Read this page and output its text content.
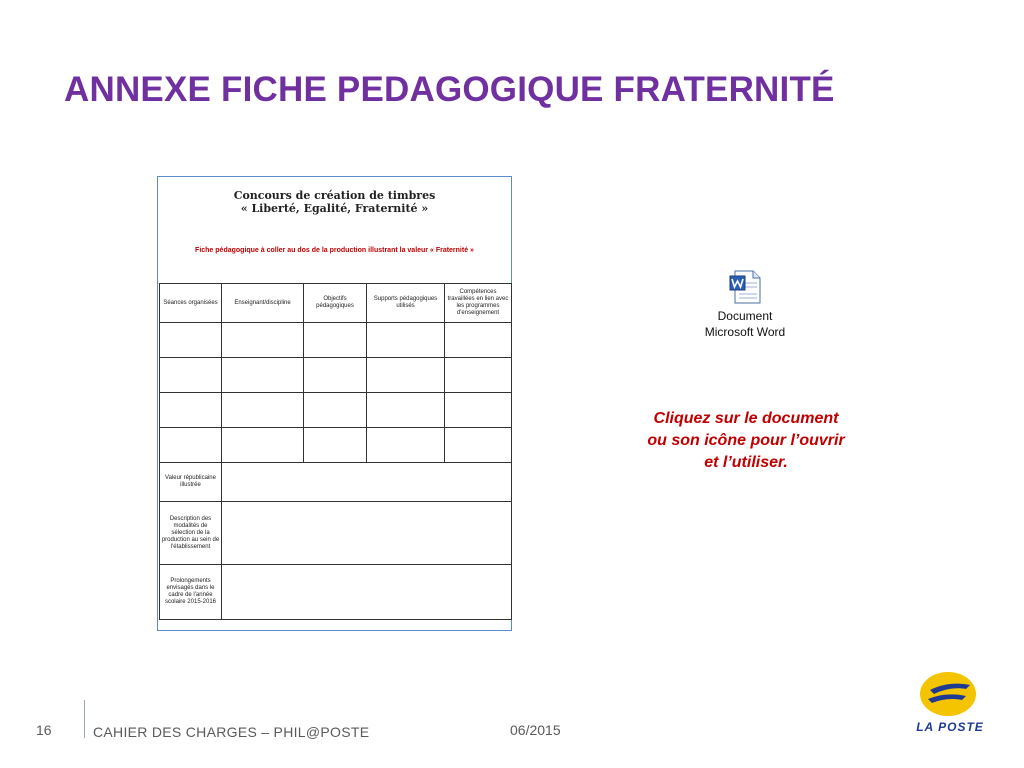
ANNEXE FICHE PEDAGOGIQUE FRATERNITÉ
Concours de création de timbres
« Liberté, Egalité, Fraternité »
Fiche pédagogique à coller au dos de la production illustrant la valeur « Fraternité »
Séances organisées	Enseignant/discipline	Objectifs pédagogiques	Supports pédagogiques utilisés	Compétences travaillées en lien avec les programmes d'enseignement

Valeur républicaine illustrée				
Description des modalités de sélection de la production au sein de l'établissement				
Prolongements envisagés dans le cadre de l'année scolaire 2015-2016				
Document
Microsoft Word
Cliquez sur le document
ou son icône pour l’ouvrir
et l’utiliser.
16	CAHIER DES CHARGES – PHIL@POSTE	06/2015	LA POSTE
